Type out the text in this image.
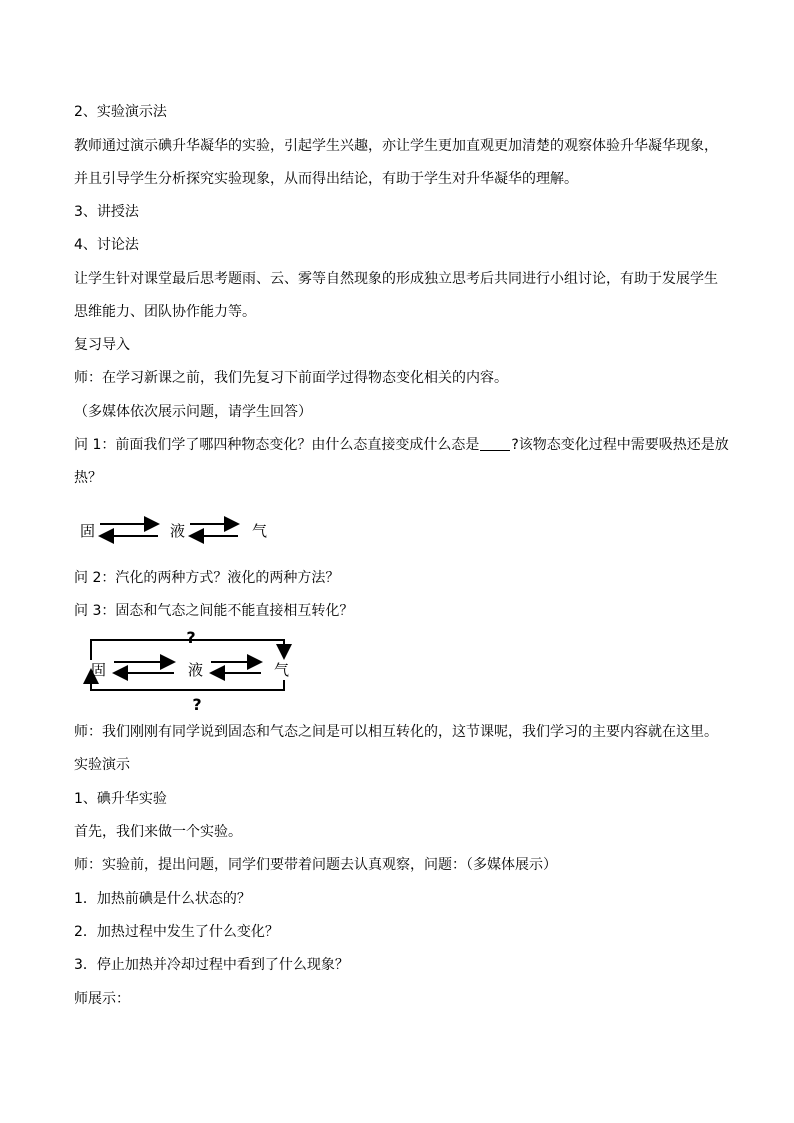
2、实验演示法
教师通过演示碘升华凝华的实验，引起学生兴趣，亦让学生更加直观更加清楚的观察体验升华凝华现象，
并且引导学生分析探究实验现象，从而得出结论，有助于学生对升华凝华的理解。
3、讲授法
4、讨论法
让学生针对课堂最后思考题雨、云、雾等自然现象的形成独立思考后共同进行小组讨论，有助于发展学生
思维能力、团队协作能力等。
复习导入
师：在学习新课之前，我们先复习下前面学过得物态变化相关的内容。
（多媒体依次展示问题，请学生回答）
问 1：前面我们学了哪四种物态变化？由什么态直接变成什么态是 ?该物态变化过程中需要吸热还是放
热？
固	液	气
问 2：汽化的两种方式？液化的两种方法？
问 3：固态和气态之间能不能直接相互转化？
?
固	液	气
?
师：我们刚刚有同学说到固态和气态之间是可以相互转化的，这节课呢，我们学习的主要内容就在这里。
实验演示
1、碘升华实验
首先，我们来做一个实验。
师：实验前，提出问题，同学们要带着问题去认真观察，问题：（多媒体展示）
1．加热前碘是什么状态的？
2．加热过程中发生了什么变化？
3．停止加热并冷却过程中看到了什么现象？
师展示：
